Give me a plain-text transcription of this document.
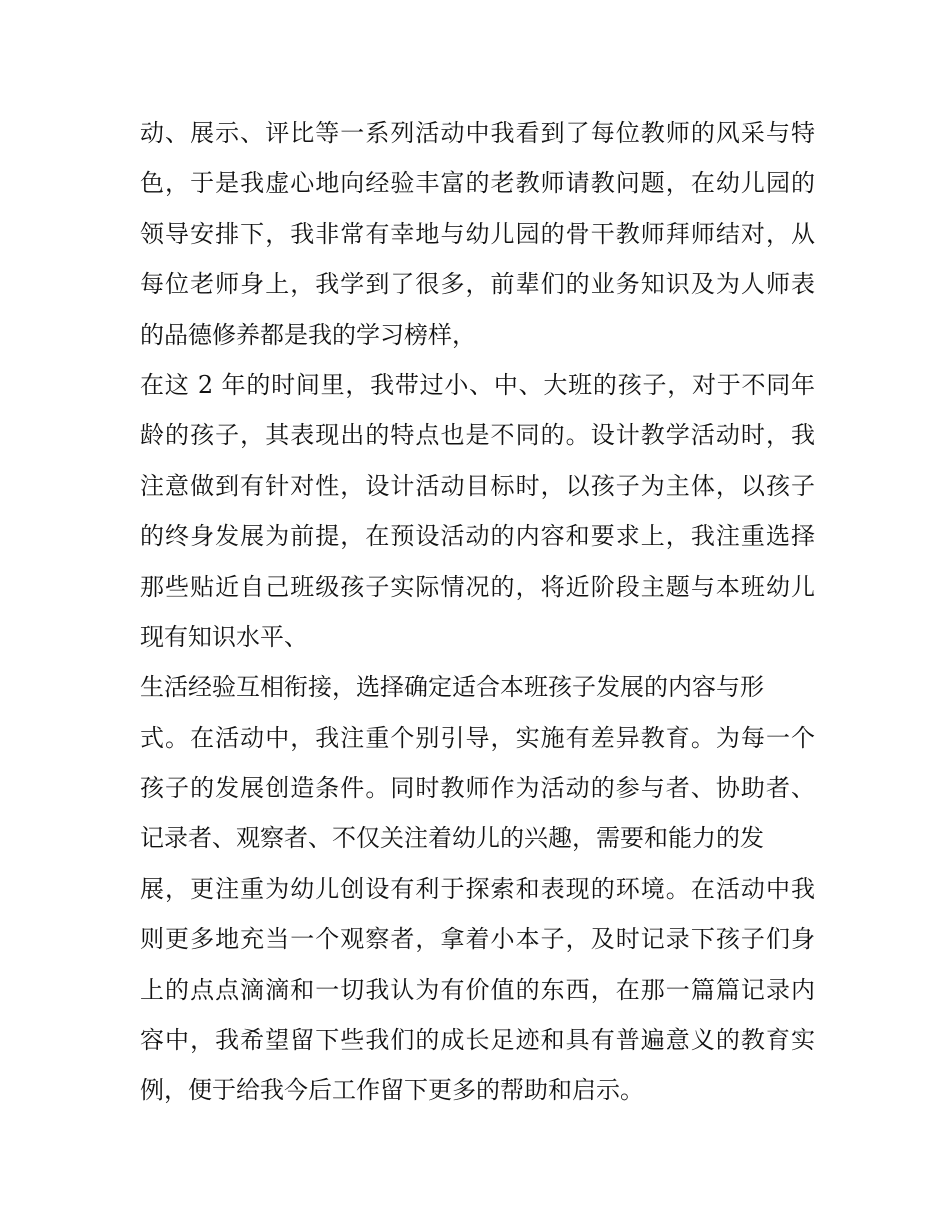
动、展示、评比等一系列活动中我看到了每位教师的风采与特
色，于是我虚心地向经验丰富的老教师请教问题，在幼儿园的
领导安排下，我非常有幸地与幼儿园的骨干教师拜师结对，从
每位老师身上，我学到了很多，前辈们的业务知识及为人师表
的品德修养都是我的学习榜样，
在这 2 年的时间里，我带过小、中、大班的孩子，对于不同年
龄的孩子，其表现出的特点也是不同的。设计教学活动时，我
注意做到有针对性，设计活动目标时，以孩子为主体，以孩子
的终身发展为前提，在预设活动的内容和要求上，我注重选择
那些贴近自己班级孩子实际情况的，将近阶段主题与本班幼儿
现有知识水平、
生活经验互相衔接，选择确定适合本班孩子发展的内容与形
式。在活动中，我注重个别引导，实施有差异教育。为每一个
孩子的发展创造条件。同时教师作为活动的参与者、协助者、
记录者、观察者、不仅关注着幼儿的兴趣，需要和能力的发
展，更注重为幼儿创设有利于探索和表现的环境。在活动中我
则更多地充当一个观察者，拿着小本子，及时记录下孩子们身
上的点点滴滴和一切我认为有价值的东西，在那一篇篇记录内
容中，我希望留下些我们的成长足迹和具有普遍意义的教育实
例，便于给我今后工作留下更多的帮助和启示。
